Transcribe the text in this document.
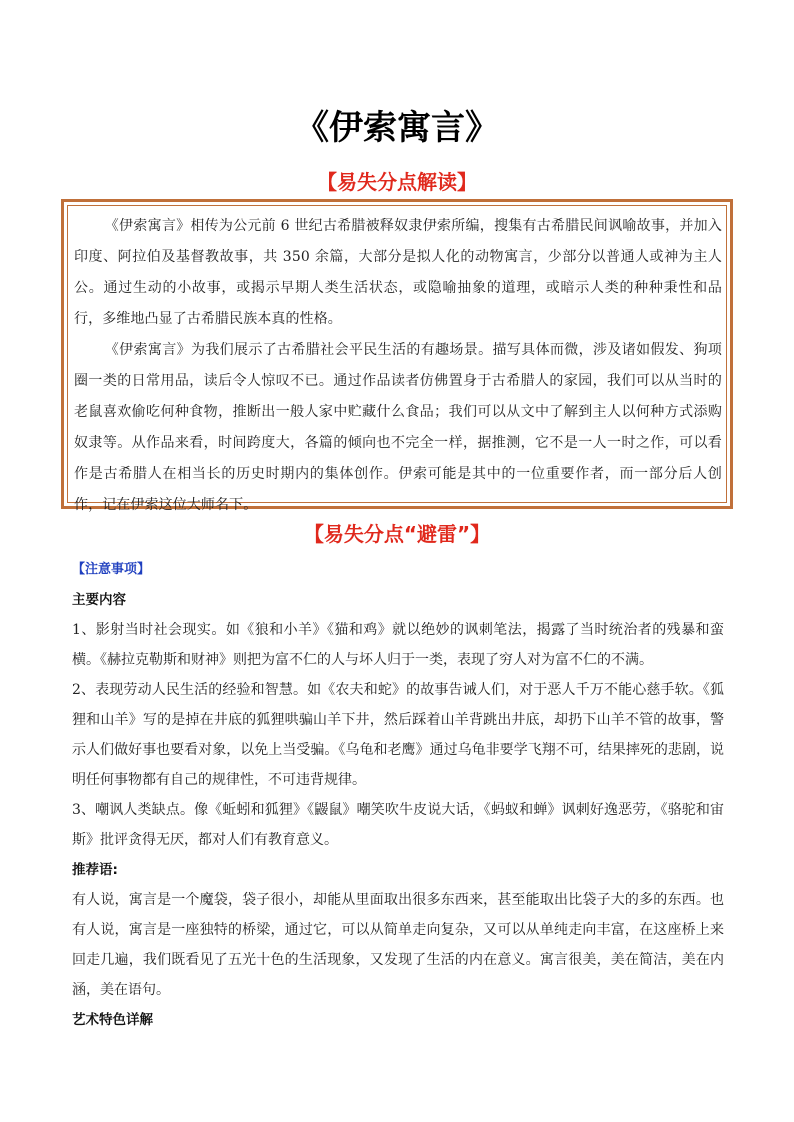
《伊索寓言》
【易失分点解读】

《伊索寓言》相传为公元前 6 世纪古希腊被释奴隶伊索所编，搜集有古希腊民间讽喻故事，并加入印度、阿拉伯及基督教故事，共 350 余篇，大部分是拟人化的动物寓言，少部分以普通人或神为主人公。通过生动的小故事，或揭示早期人类生活状态，或隐喻抽象的道理，或暗示人类的种种秉性和品行，多维地凸显了古希腊民族本真的性格。

《伊索寓言》为我们展示了古希腊社会平民生活的有趣场景。描写具体而微，涉及诸如假发、狗项圈一类的日常用品，读后令人惊叹不已。通过作品读者仿佛置身于古希腊人的家园，我们可以从当时的老鼠喜欢偷吃何种食物，推断出一般人家中贮藏什么食品；我们可以从文中了解到主人以何种方式添购奴隶等。从作品来看，时间跨度大，各篇的倾向也不完全一样，据推测，它不是一人一时之作，可以看作是古希腊人在相当长的历史时期内的集体创作。伊索可能是其中的一位重要作者，而一部分后人创作，记在伊索这位大师名下。

【易失分点“避雷”】
【注意事项】
主要内容

1、影射当时社会现实。如《狼和小羊》《猫和鸡》就以绝妙的讽刺笔法，揭露了当时统治者的残暴和蛮横。《赫拉克勒斯和财神》则把为富不仁的人与坏人归于一类，表现了穷人对为富不仁的不满。

2、表现劳动人民生活的经验和智慧。如《农夫和蛇》的故事告诫人们，对于恶人千万不能心慈手软。《狐狸和山羊》写的是掉在井底的狐狸哄骗山羊下井，然后踩着山羊背跳出井底，却扔下山羊不管的故事，警示人们做好事也要看对象，以免上当受骗。《乌龟和老鹰》通过乌龟非要学飞翔不可，结果摔死的悲剧，说明任何事物都有自己的规律性，不可违背规律。

3、嘲讽人类缺点。像《蚯蚓和狐狸》《鼹鼠》嘲笑吹牛皮说大话，《蚂蚁和蝉》讽刺好逸恶劳，《骆驼和宙斯》批评贪得无厌，都对人们有教育意义。

推荐语:

有人说，寓言是一个魔袋，袋子很小，却能从里面取出很多东西来，甚至能取出比袋子大的多的东西。也有人说，寓言是一座独特的桥梁，通过它，可以从简单走向复杂，又可以从单纯走向丰富，在这座桥上来回走几遍，我们既看见了五光十色的生活现象，又发现了生活的内在意义。寓言很美，美在简洁，美在内涵，美在语句。

艺术特色详解
